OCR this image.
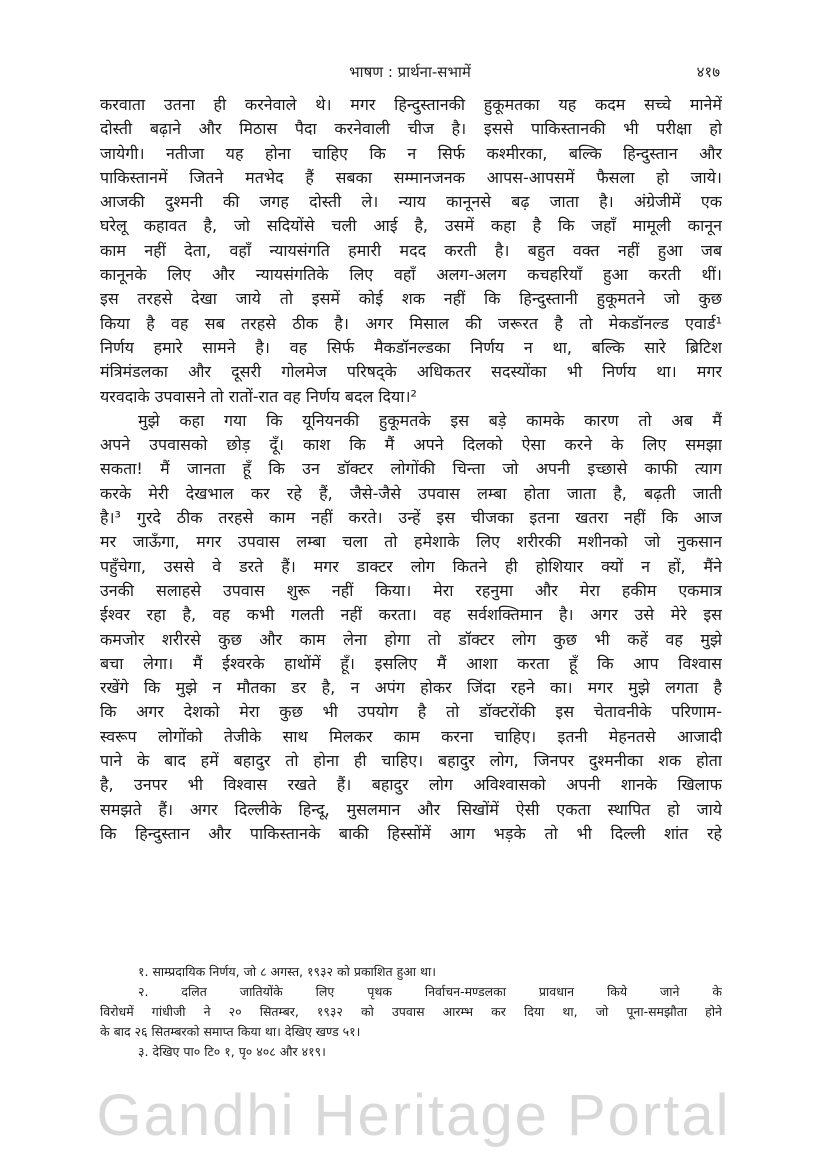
भाषण : प्रार्थना-सभामें	४१७
करवाता उतना ही करनेवाले थे। मगर हिन्दुस्तानकी हुकूमतका यह कदम सच्चे मानेमें
दोस्ती बढ़ाने और मिठास पैदा करनेवाली चीज है। इससे पाकिस्तानकी भी परीक्षा हो
जायेगी। नतीजा यह होना चाहिए कि न सिर्फ कश्मीरका, बल्कि हिन्दुस्तान और
पाकिस्तानमें जितने मतभेद हैं सबका सम्मानजनक आपस-आपसमें फैसला हो जाये।
आजकी दुश्मनी की जगह दोस्ती ले। न्याय कानूनसे बढ़ जाता है। अंग्रेजीमें एक
घरेलू कहावत है, जो सदियोंसे चली आई है, उसमें कहा है कि जहाँ मामूली कानून
काम नहीं देता, वहाँ न्यायसंगति हमारी मदद करती है। बहुत वक्त नहीं हुआ जब
कानूनके लिए और न्यायसंगतिके लिए वहाँ अलग-अलग कचहरियाँ हुआ करती थीं।
इस तरहसे देखा जाये तो इसमें कोई शक नहीं कि हिन्दुस्तानी हुकूमतने जो कुछ
किया है वह सब तरहसे ठीक है। अगर मिसाल की जरूरत है तो मेकडॉनल्ड एवार्ड¹
निर्णय हमारे सामने है। वह सिर्फ मैकडॉनल्डका निर्णय न था, बल्कि सारे ब्रिटिश
मंत्रिमंडलका और दूसरी गोलमेज परिषद्के अधिकतर सदस्योंका भी निर्णय था। मगर
यरवदाके उपवासने तो रातों-रात वह निर्णय बदल दिया।²
मुझे कहा गया कि यूनियनकी हुकूमतके इस बड़े कामके कारण तो अब मैं
अपने उपवासको छोड़ दूँ। काश कि मैं अपने दिलको ऐसा करने के लिए समझा
सकता! मैं जानता हूँ कि उन डॉक्टर लोगोंकी चिन्ता जो अपनी इच्छासे काफी त्याग
करके मेरी देखभाल कर रहे हैं, जैसे-जैसे उपवास लम्बा होता जाता है, बढ़ती जाती
है।³ गुरदे ठीक तरहसे काम नहीं करते। उन्हें इस चीजका इतना खतरा नहीं कि आज
मर जाऊँगा, मगर उपवास लम्बा चला तो हमेशाके लिए शरीरकी मशीनको जो नुकसान
पहुँचेगा, उससे वे डरते हैं। मगर डाक्टर लोग कितने ही होशियार क्यों न हों, मैंने
उनकी सलाहसे उपवास शुरू नहीं किया। मेरा रहनुमा और मेरा हकीम एकमात्र
ईश्वर रहा है, वह कभी गलती नहीं करता। वह सर्वशक्तिमान है। अगर उसे मेरे इस
कमजोर शरीरसे कुछ और काम लेना होगा तो डॉक्टर लोग कुछ भी कहें वह मुझे
बचा लेगा। मैं ईश्वरके हाथोंमें हूँ। इसलिए मैं आशा करता हूँ कि आप विश्वास
रखेंगे कि मुझे न मौतका डर है, न अपंग होकर जिंदा रहने का। मगर मुझे लगता है
कि अगर देशको मेरा कुछ भी उपयोग है तो डॉक्टरोंकी इस चेतावनीके परिणाम-
स्वरूप लोगोंको तेजीके साथ मिलकर काम करना चाहिए। इतनी मेहनतसे आजादी
पाने के बाद हमें बहादुर तो होना ही चाहिए। बहादुर लोग, जिनपर दुश्मनीका शक होता
है, उनपर भी विश्वास रखते हैं। बहादुर लोग अविश्वासको अपनी शानके खिलाफ
समझते हैं। अगर दिल्लीके हिन्दू, मुसलमान और सिखोंमें ऐसी एकता स्थापित हो जाये
कि हिन्दुस्तान और पाकिस्तानके बाकी हिस्सोंमें आग भड़के तो भी दिल्ली शांत रहे
१. साम्प्रदायिक निर्णय, जो ८ अगस्त, १९३२ को प्रकाशित हुआ था।
२. दलित जातियोंके लिए पृथक निर्वाचन-मण्डलका प्रावधान किये जाने के
विरोधमें गांधीजी ने २० सितम्बर, १९३२ को उपवास आरम्भ कर दिया था, जो पूना-समझौता होने
के बाद २६ सितम्बरको समाप्त किया था। देखिए खण्ड ५१।
३. देखिए पा० टि० १, पृ० ४०८ और ४१९।
Gandhi Heritage Portal
